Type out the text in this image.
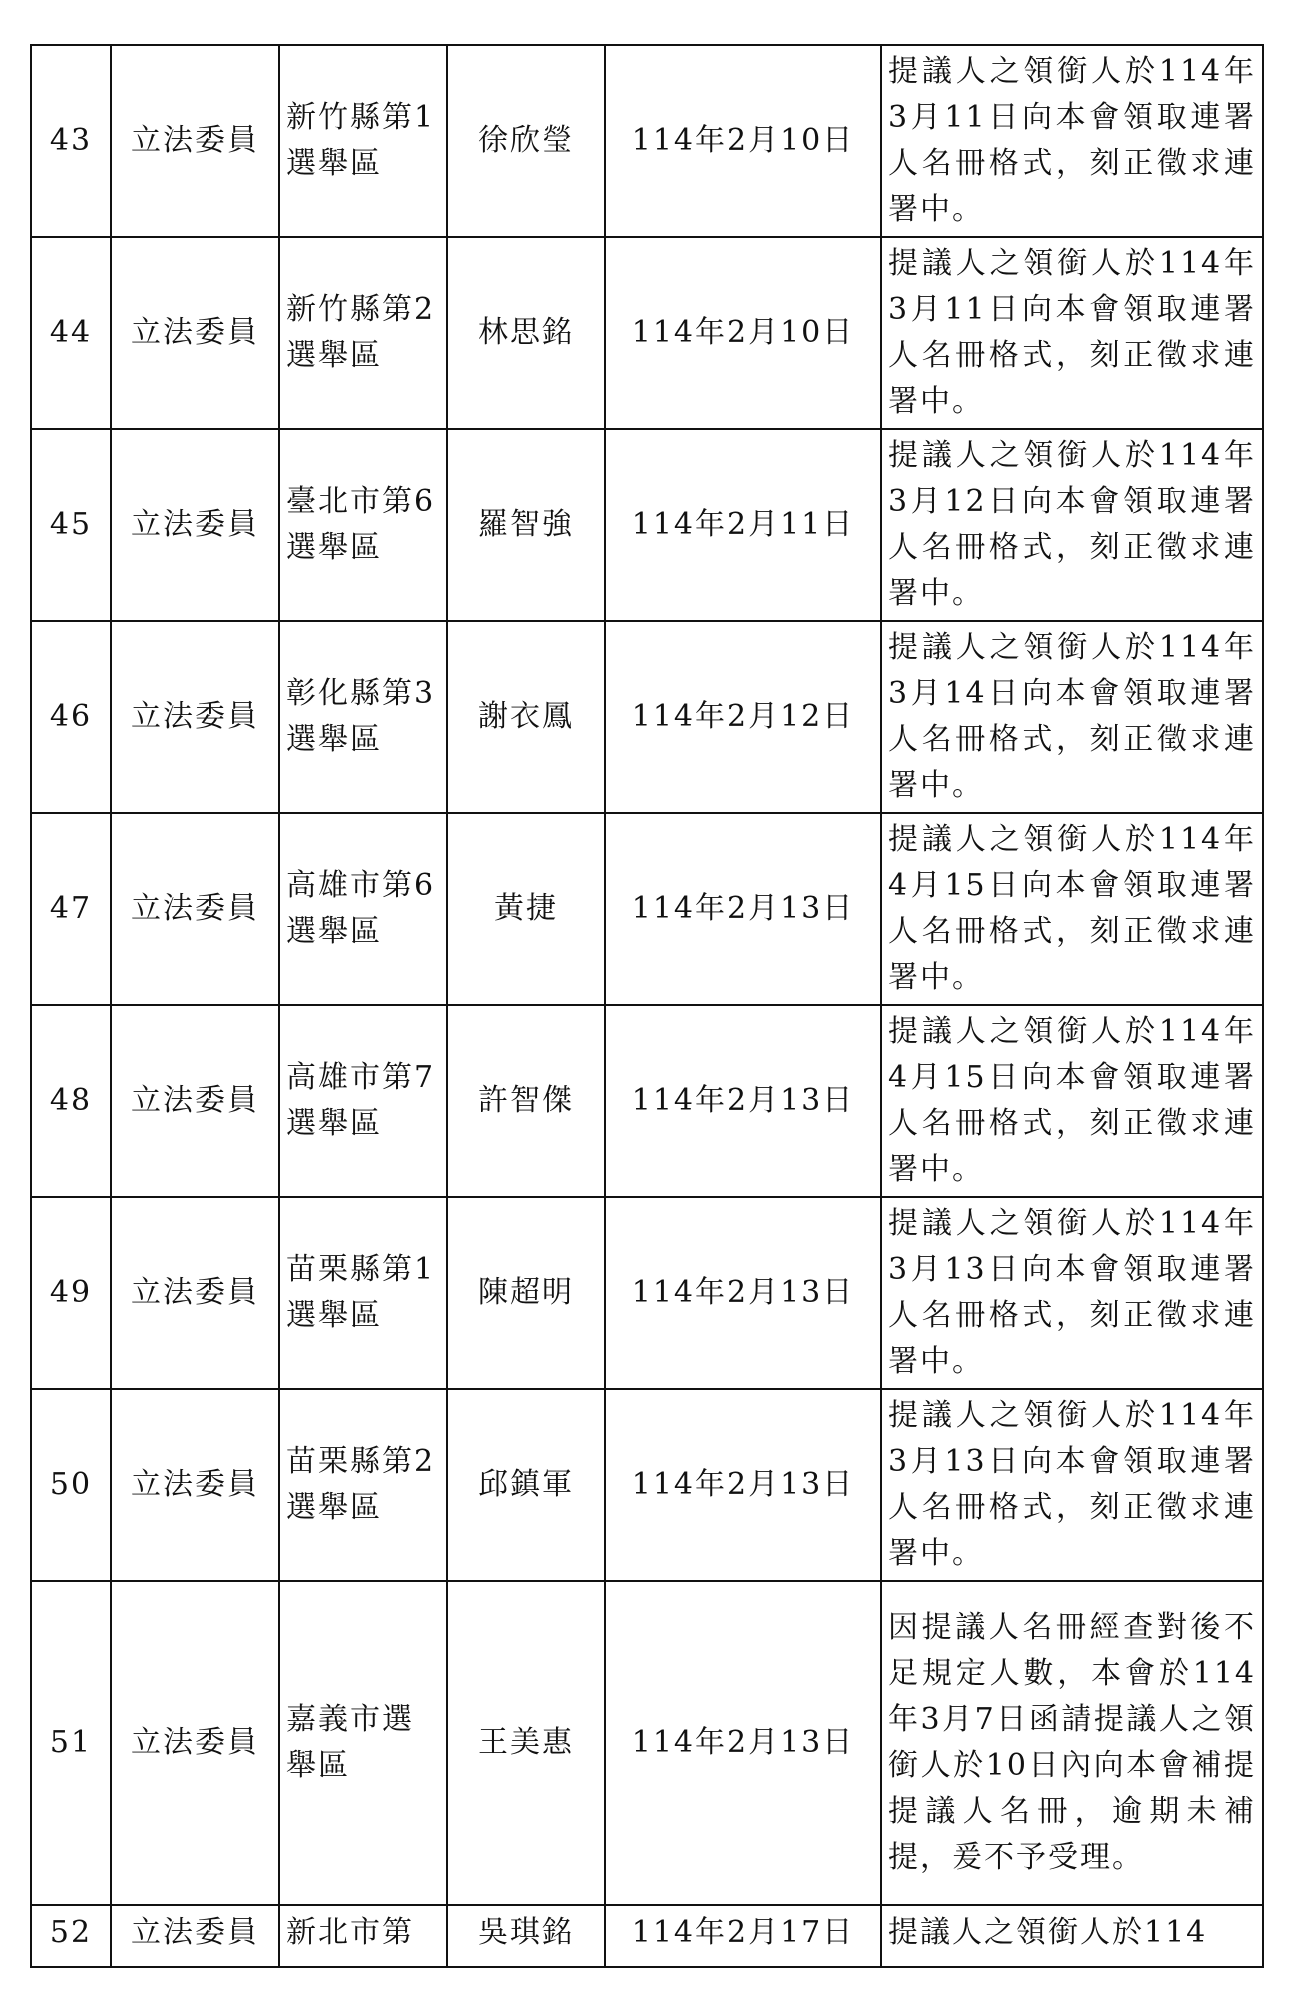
43	立法委員	新竹縣第1選舉區	徐欣瑩	114年2月10日	提議人之領銜人於114年3月11日向本會領取連署人名冊格式，刻正徵求連署中。
44	立法委員	新竹縣第2選舉區	林思銘	114年2月10日	提議人之領銜人於114年3月11日向本會領取連署人名冊格式，刻正徵求連署中。
45	立法委員	臺北市第6選舉區	羅智強	114年2月11日	提議人之領銜人於114年3月12日向本會領取連署人名冊格式，刻正徵求連署中。
46	立法委員	彰化縣第3選舉區	謝衣鳳	114年2月12日	提議人之領銜人於114年3月14日向本會領取連署人名冊格式，刻正徵求連署中。
47	立法委員	高雄市第6選舉區	黃捷	114年2月13日	提議人之領銜人於114年4月15日向本會領取連署人名冊格式，刻正徵求連署中。
48	立法委員	高雄市第7選舉區	許智傑	114年2月13日	提議人之領銜人於114年4月15日向本會領取連署人名冊格式，刻正徵求連署中。
49	立法委員	苗栗縣第1選舉區	陳超明	114年2月13日	提議人之領銜人於114年3月13日向本會領取連署人名冊格式，刻正徵求連署中。
50	立法委員	苗栗縣第2選舉區	邱鎮軍	114年2月13日	提議人之領銜人於114年3月13日向本會領取連署人名冊格式，刻正徵求連署中。
51	立法委員	嘉義市選舉區	王美惠	114年2月13日	因提議人名冊經查對後不足規定人數，本會於114年3月7日函請提議人之領銜人於10日內向本會補提提議人名冊，逾期未補提，爰不予受理。
52	立法委員	新北市第	吳琪銘	114年2月17日	提議人之領銜人於114
